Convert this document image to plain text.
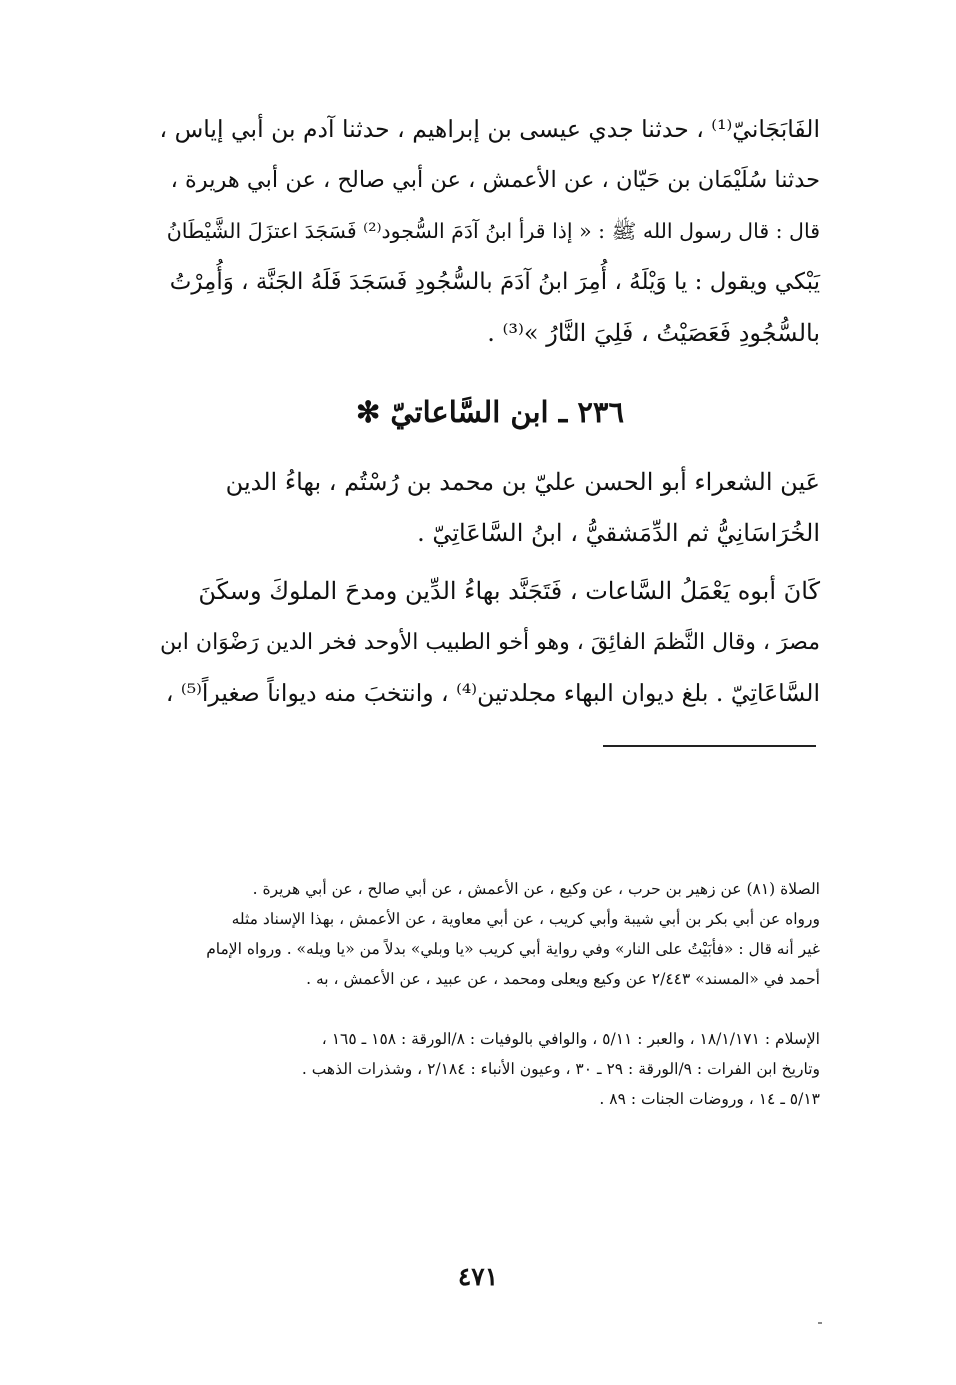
الفَابَجَانيّ⁽¹⁾ ، حدثنا جدي عيسى بن إبراهيم ، حدثنا آدم بن أبي إياس ،
حدثنا سُلَيْمَان بن حَيّان ، عن الأعمش ، عن أبي صالح ، عن أبي هريرة ،
قال : قال رسول الله ﷺ : « إذا قرأ ابنُ آدَمَ السُّجود⁽²⁾ فَسَجَدَ اعتزَلَ الشَّيْطَانُ
يَبْكي ويقول : يا وَيْلَهُ ، أُمِرَ ابنُ آدَمَ بالسُّجُودِ فَسَجَدَ فَلَهُ الجَنَّة ، وَأُمِرْتُ
بالسُّجُودِ فَعَصَيْتُ ، فَلِيَ النَّارُ »⁽³⁾ .
٢٣٦ ـ ابن السَّاعاتيّ ✻
عَين الشعراء أبو الحسن عليّ بن محمد بن رُسْتُم ، بهاءُ الدين
الخُرَاسَانِيُّ ثم الدِّمَشقيُّ ، ابنُ السَّاعَاتِيّ .
كَانَ أبوه يَعْمَلُ السَّاعات ، فَتَجَنَّد بهاءُ الدِّين ومدحَ الملوكَ وسكَنَ
مصرَ ، وقال النَّظمَ الفائِقَ ، وهو أخو الطبيب الأوحد فخر الدين رَضْوَان ابن
السَّاعَاتِيّ . بلغ ديوان البهاء مجلدتين⁽⁴⁾ ، وانتخبَ منه ديواناً صغيراً⁽⁵⁾ ،
الصلاة (٨١) عن زهير بن حرب ، عن وكيع ، عن الأعمش ، عن أبي صالح ، عن أبي هريرة .
ورواه عن أبي بكر بن أبي شيبة وأبي كريب ، عن أبي معاوية ، عن الأعمش ، بهذا الإسناد مثله
غير أنه قال : «فأبَيْتُ على النار» وفي رواية أبي كريب «يا وبلي» بدلاً من «يا ويله» . ورواه الإمام
أحمد في «المسند» ٢/٤٤٣ عن وكيع ويعلى ومحمد ، عن عبيد ، عن الأعمش ، به .
الإسلام : ١٨/١/١٧١ ، والعبر : ٥/١١ ، والوافي بالوفيات : ٨/الورقة : ١٥٨ ـ ١٦٥ ،
وتاريخ ابن الفرات : ٩/الورقة : ٢٩ ـ ٣٠ ، وعيون الأنباء : ٢/١٨٤ ، وشذرات الذهب .
٥/١٣ ـ ١٤ ، وروضات الجنات : ٨٩ .
٤٧١
